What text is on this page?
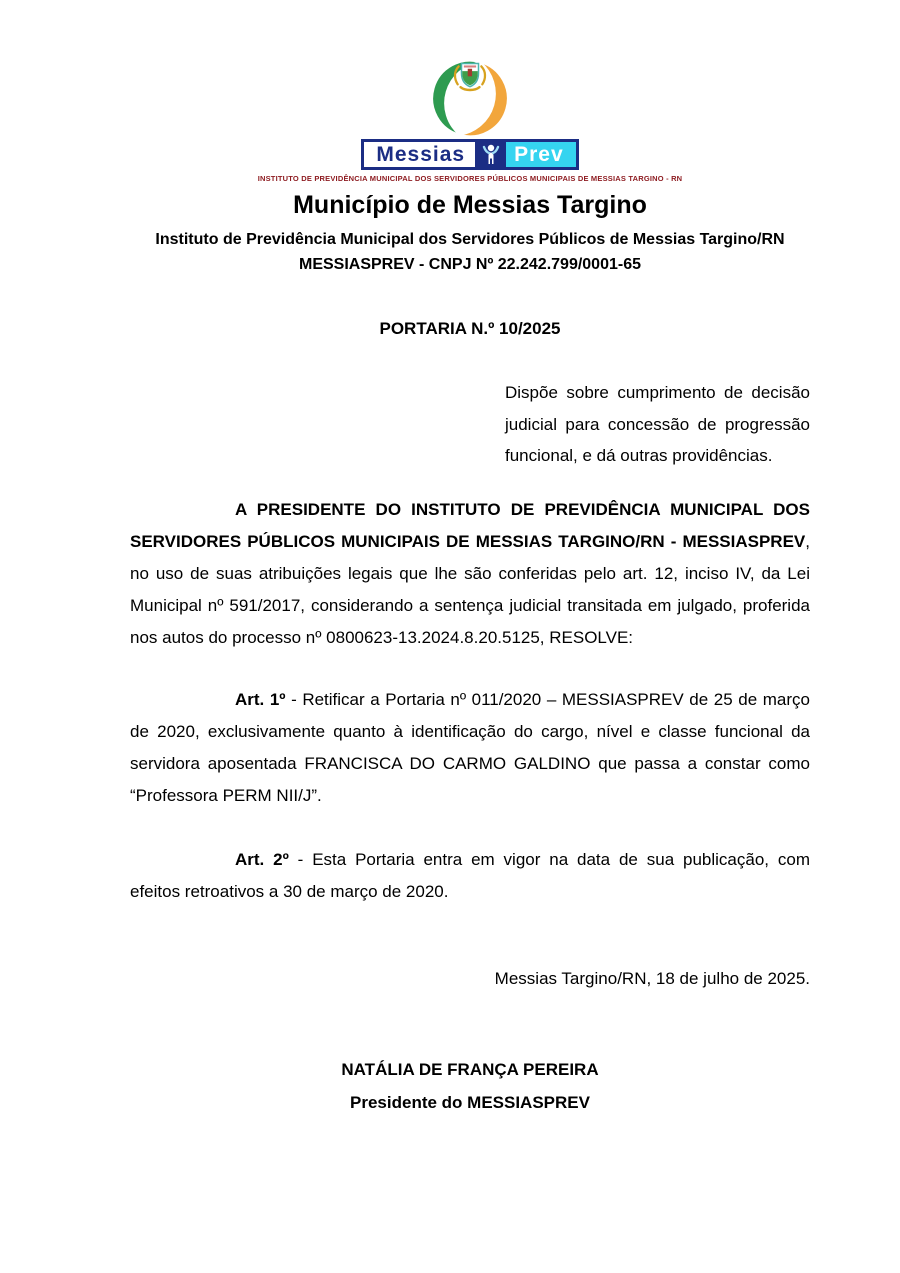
Messias	Prev
INSTITUTO DE PREVIDÊNCIA MUNICIPAL DOS SERVIDORES PÚBLICOS MUNICIPAIS DE MESSIAS TARGINO - RN
Município de Messias Targino
Instituto de Previdência Municipal dos Servidores Públicos de Messias Targino/RN
MESSIASPREV - CNPJ Nº 22.242.799/0001-65
PORTARIA N.º 10/2025

Dispõe sobre cumprimento de decisão judicial para concessão de progressão funcional, e dá outras providências.

A PRESIDENTE DO INSTITUTO DE PREVIDÊNCIA MUNICIPAL DOS SERVIDORES PÚBLICOS MUNICIPAIS DE MESSIAS TARGINO/RN - MESSIASPREV, no uso de suas atribuições legais que lhe são conferidas pelo art. 12, inciso IV, da Lei Municipal nº 591/2017, considerando a sentença judicial transitada em julgado, proferida nos autos do processo nº 0800623-13.2024.8.20.5125, RESOLVE:

Art. 1º - Retificar a Portaria nº 011/2020 – MESSIASPREV de 25 de março de 2020, exclusivamente quanto à identificação do cargo, nível e classe funcional da servidora aposentada FRANCISCA DO CARMO GALDINO que passa a constar como “Professora PERM NII/J”.

Art. 2º - Esta Portaria entra em vigor na data de sua publicação, com efeitos retroativos a 30 de março de 2020.

Messias Targino/RN, 18 de julho de 2025.

NATÁLIA DE FRANÇA PEREIRA
Presidente do MESSIASPREV
